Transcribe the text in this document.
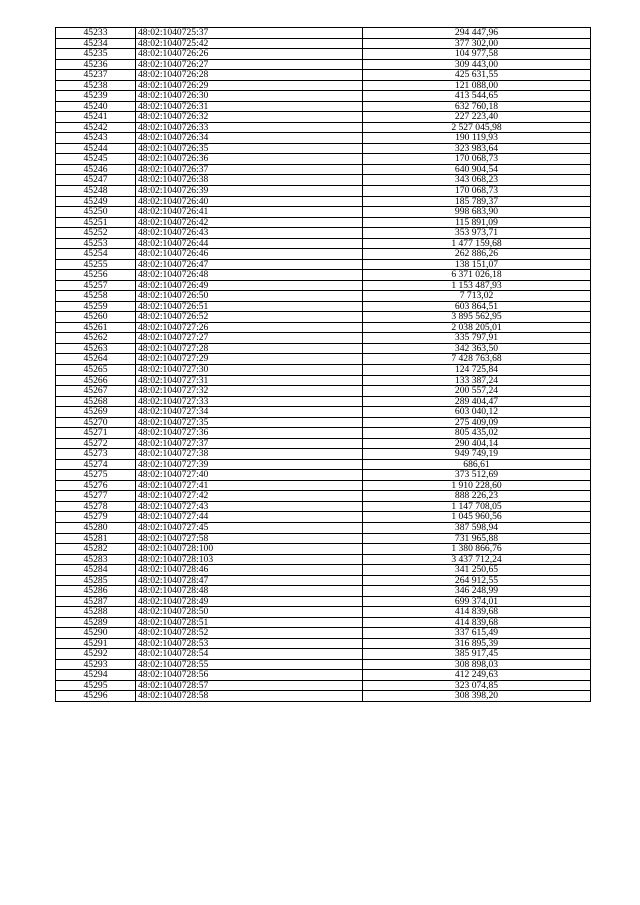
45233	48:02:1040725:37	294 447,96
45234	48:02:1040725:42	377 302,00
45235	48:02:1040726:26	104 977,58
45236	48:02:1040726:27	309 443,00
45237	48:02:1040726:28	425 631,55
45238	48:02:1040726:29	121 088,00
45239	48:02:1040726:30	413 544,65
45240	48:02:1040726:31	632 760,18
45241	48:02:1040726:32	227 223,40
45242	48:02:1040726:33	2 527 045,98
45243	48:02:1040726:34	190 119,93
45244	48:02:1040726:35	323 983,64
45245	48:02:1040726:36	170 068,73
45246	48:02:1040726:37	640 904,54
45247	48:02:1040726:38	343 068,23
45248	48:02:1040726:39	170 068,73
45249	48:02:1040726:40	185 789,37
45250	48:02:1040726:41	998 683,90
45251	48:02:1040726:42	115 891,09
45252	48:02:1040726:43	353 973,71
45253	48:02:1040726:44	1 477 159,68
45254	48:02:1040726:46	262 886,26
45255	48:02:1040726:47	138 151,07
45256	48:02:1040726:48	6 371 026,18
45257	48:02:1040726:49	1 153 487,93
45258	48:02:1040726:50	7 713,02
45259	48:02:1040726:51	603 864,51
45260	48:02:1040726:52	3 895 562,95
45261	48:02:1040727:26	2 038 205,01
45262	48:02:1040727:27	335 797,91
45263	48:02:1040727:28	342 363,50
45264	48:02:1040727:29	7 428 763,68
45265	48:02:1040727:30	124 725,84
45266	48:02:1040727:31	133 387,24
45267	48:02:1040727:32	200 557,24
45268	48:02:1040727:33	289 404,47
45269	48:02:1040727:34	603 040,12
45270	48:02:1040727:35	275 409,09
45271	48:02:1040727:36	805 435,02
45272	48:02:1040727:37	290 404,14
45273	48:02:1040727:38	949 749,19
45274	48:02:1040727:39	686,61
45275	48:02:1040727:40	373 512,69
45276	48:02:1040727:41	1 910 228,60
45277	48:02:1040727:42	888 226,23
45278	48:02:1040727:43	1 147 708,05
45279	48:02:1040727:44	1 045 960,56
45280	48:02:1040727:45	387 598,94
45281	48:02:1040727:58	731 965,88
45282	48:02:1040728:100	1 380 866,76
45283	48:02:1040728:103	3 437 712,24
45284	48:02:1040728:46	341 250,65
45285	48:02:1040728:47	264 912,55
45286	48:02:1040728:48	346 248,99
45287	48:02:1040728:49	699 374,01
45288	48:02:1040728:50	414 839,68
45289	48:02:1040728:51	414 839,68
45290	48:02:1040728:52	337 615,49
45291	48:02:1040728:53	316 895,39
45292	48:02:1040728:54	385 917,45
45293	48:02:1040728:55	308 898,03
45294	48:02:1040728:56	412 249,63
45295	48:02:1040728:57	323 074,85
45296	48:02:1040728:58	308 398,20
